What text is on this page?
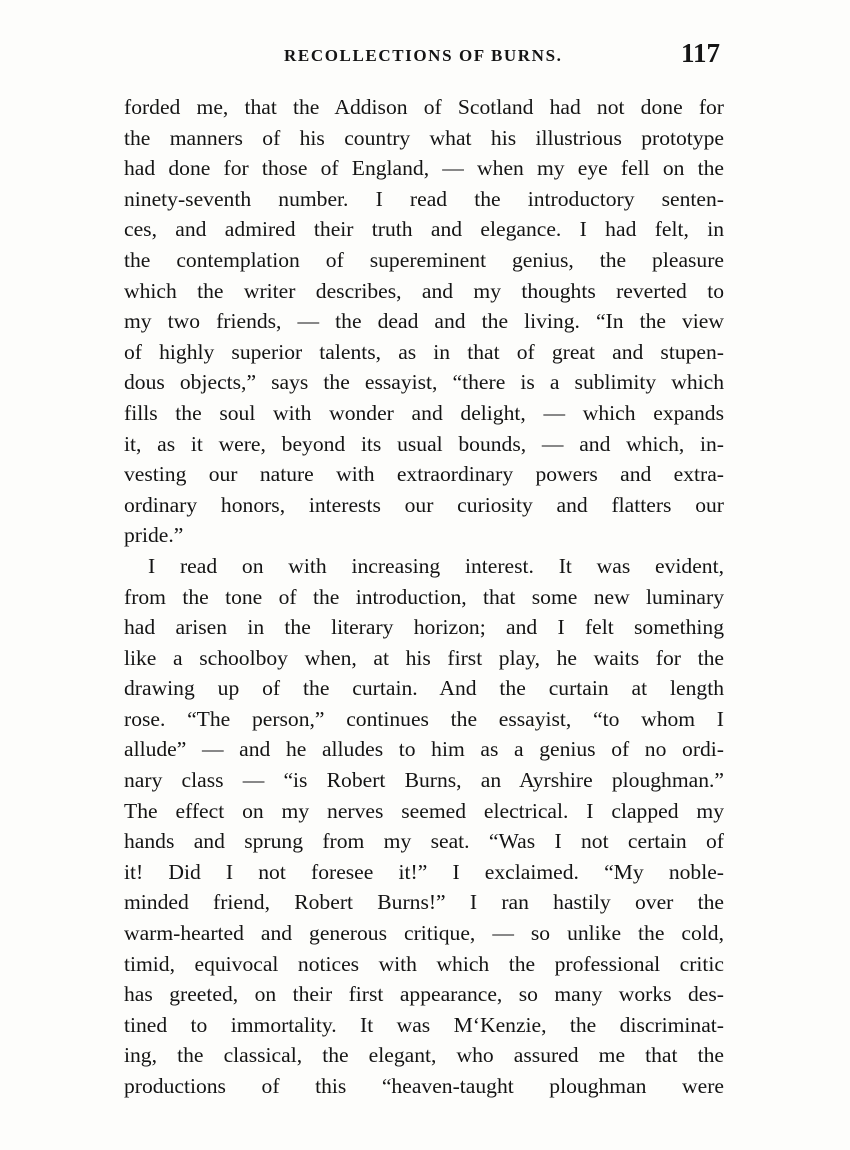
RECOLLECTIONS OF BURNS.	117
forded me, that the Addison of Scotland had not done for
the manners of his country what his illustrious prototype
had done for those of England, — when my eye fell on the
ninety-seventh number. I read the introductory senten-
ces, and admired their truth and elegance. I had felt, in
the contemplation of supereminent genius, the pleasure
which the writer describes, and my thoughts reverted to
my two friends, — the dead and the living. “In the view
of highly superior talents, as in that of great and stupen-
dous objects,” says the essayist, “there is a sublimity which
fills the soul with wonder and delight, — which expands
it, as it were, beyond its usual bounds, — and which, in-
vesting our nature with extraordinary powers and extra-
ordinary honors, interests our curiosity and flatters our
pride.”
I read on with increasing interest. It was evident,
from the tone of the introduction, that some new luminary
had arisen in the literary horizon; and I felt something
like a schoolboy when, at his first play, he waits for the
drawing up of the curtain. And the curtain at length
rose. “The person,” continues the essayist, “to whom I
allude” — and he alludes to him as a genius of no ordi-
nary class — “is Robert Burns, an Ayrshire ploughman.”
The effect on my nerves seemed electrical. I clapped my
hands and sprung from my seat. “Was I not certain of
it! Did I not foresee it!” I exclaimed. “My noble-
minded friend, Robert Burns!” I ran hastily over the
warm-hearted and generous critique, — so unlike the cold,
timid, equivocal notices with which the professional critic
has greeted, on their first appearance, so many works des-
tined to immortality. It was M‘Kenzie, the discriminat-
ing, the classical, the elegant, who assured me that the
productions of this “heaven-taught ploughman were
